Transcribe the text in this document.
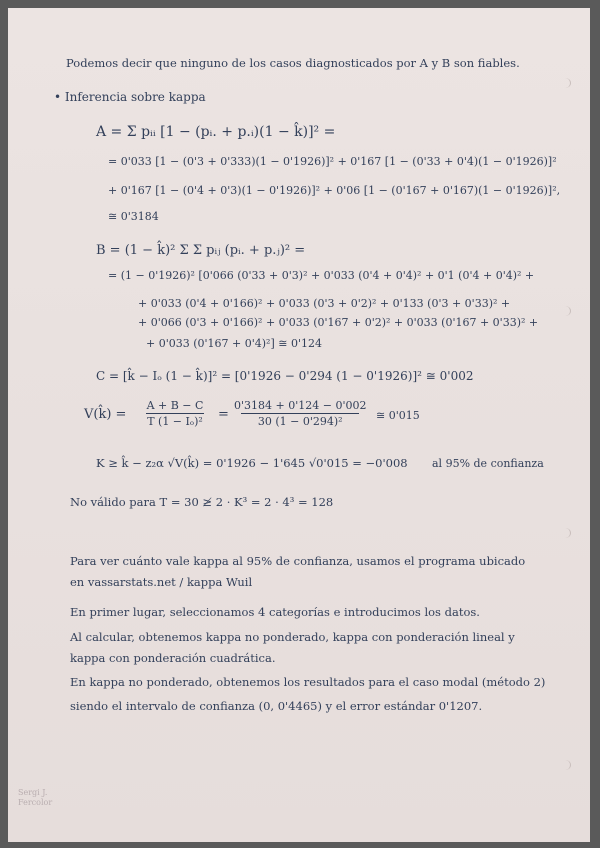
Podemos decir que ninguno de los casos diagnosticados por A y B son fiables.
• Inferencia sobre kappa
A = Σ pᵢᵢ [1 − (pᵢ. + p.ᵢ)(1 − k̂)]² =
= 0'033 [1 − (0'3 + 0'333)(1 − 0'1926)]² + 0'167 [1 − (0'33 + 0'4)(1 − 0'1926)]²
+ 0'167 [1 − (0'4 + 0'3)(1 − 0'1926)]² + 0'06 [1 − (0'167 + 0'167)(1 − 0'1926)]²,
≅ 0'3184
B = (1 − k̂)² Σ Σ pᵢⱼ (pᵢ. + p.ⱼ)² =
= (1 − 0'1926)² [0'066 (0'33 + 0'3)² + 0'033 (0'4 + 0'4)² + 0'1 (0'4 + 0'4)² +
+ 0'033 (0'4 + 0'166)² + 0'033 (0'3 + 0'2)² + 0'133 (0'3 + 0'33)² +
+ 0'066 (0'3 + 0'166)² + 0'033 (0'167 + 0'2)² + 0'033 (0'167 + 0'33)² +
+ 0'033 (0'167 + 0'4)²] ≅ 0'124
C = [k̂ − Iₒ (1 − k̂)]² = [0'1926 − 0'294 (1 − 0'1926)]² ≅ 0'002
V(k̂) =
A + B − C
T (1 − Iₒ)² =
0'3184 + 0'124 − 0'002
30 (1 − 0'294)²	≅ 0'015
K ≥ k̂ − z₂α √V(k̂) = 0'1926 − 1'645 √0'015 = −0'008 al 95% de confianza
No válido para T = 30 ≱ 2 · K³ = 2 · 4³ = 128
Para ver cuánto vale kappa al 95% de confianza, usamos el programa ubicado
en vassarstats.net / kappa Wuil
En primer lugar, seleccionamos 4 categorías e introducimos los datos.
Al calcular, obtenemos kappa no ponderado, kappa con ponderación lineal y
kappa con ponderación cuadrática.
En kappa no ponderado, obtenemos los resultados para el caso modal (método 2)
siendo el intervalo de confianza (0, 0'4465) y el error estándar 0'1207.
Sergi J.
Fercolor
